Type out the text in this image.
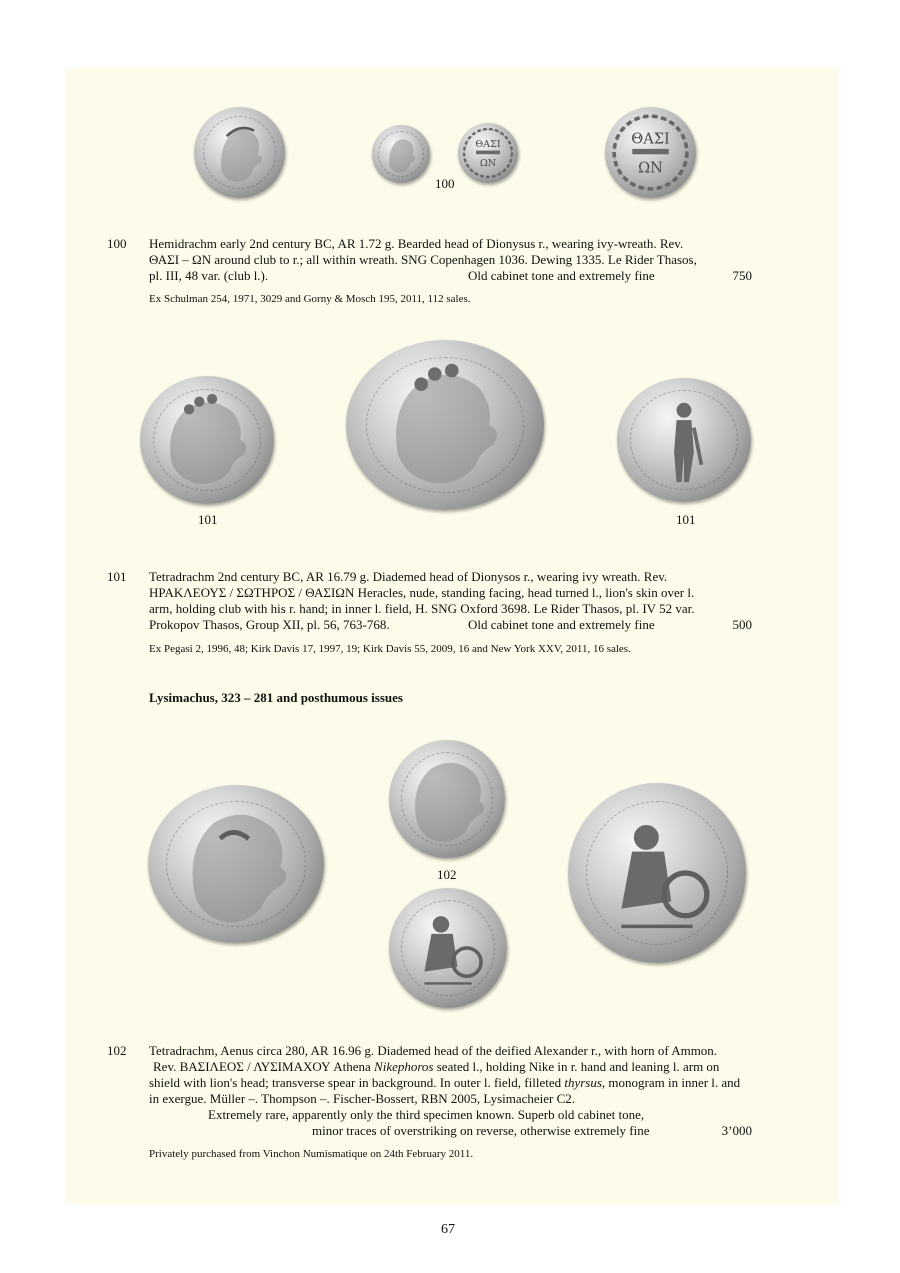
ΘΑΣΙ
ΩΝ
ΘΑΣΙ
ΩΝ
100
100 Hemidrachm early 2nd century BC, AR 1.72 g. Bearded head of Dionysus r., wearing ivy-wreath. Rev.
ΘΑΣΙ – ΩΝ around club to r.; all within wreath. SNG Copenhagen 1036. Dewing 1335. Le Rider Thasos,
pl. III, 48 var. (club l.).	Old cabinet tone and extremely fine	750
Ex Schulman 254, 1971, 3029 and Gorny & Mosch 195, 2011, 112 sales.
101	101
101 Tetradrachm 2nd century BC, AR 16.79 g. Diademed head of Dionysos r., wearing ivy wreath. Rev.
ΗΡΑΚΛΕΟΥΣ / ΣΩΤΗΡΟΣ / ΘΑΣΙΩΝ Heracles, nude, standing facing, head turned l., lion's skin over l.
arm, holding club with his r. hand; in inner l. field, H. SNG Oxford 3698. Le Rider Thasos, pl. IV 52 var.
Prokopov Thasos, Group XII, pl. 56, 763-768.	Old cabinet tone and extremely fine	500
Ex Pegasi 2, 1996, 48; Kirk Davis 17, 1997, 19; Kirk Davis 55, 2009, 16 and New York XXV, 2011, 16 sales.
Lysimachus, 323 – 281 and posthumous issues
102
102 Tetradrachm, Aenus circa 280, AR 16.96 g. Diademed head of the deified Alexander r., with horn of Ammon.
Rev. ΒΑΣΙΛΕΟΣ / ΛΥΣΙΜΑΧΟΥ Athena Nikephoros seated l., holding Nike in r. hand and leaning l. arm on
shield with lion's head; transverse spear in background. In outer l. field, filleted thyrsus, monogram in inner l. and
in exergue. Müller –. Thompson –. Fischer-Bossert, RBN 2005, Lysimacheier C2.
Extremely rare, apparently only the third specimen known. Superb old cabinet tone,
minor traces of overstriking on reverse, otherwise extremely fine	3’000
Privately purchased from Vinchon Numismatique on 24th February 2011.
67
